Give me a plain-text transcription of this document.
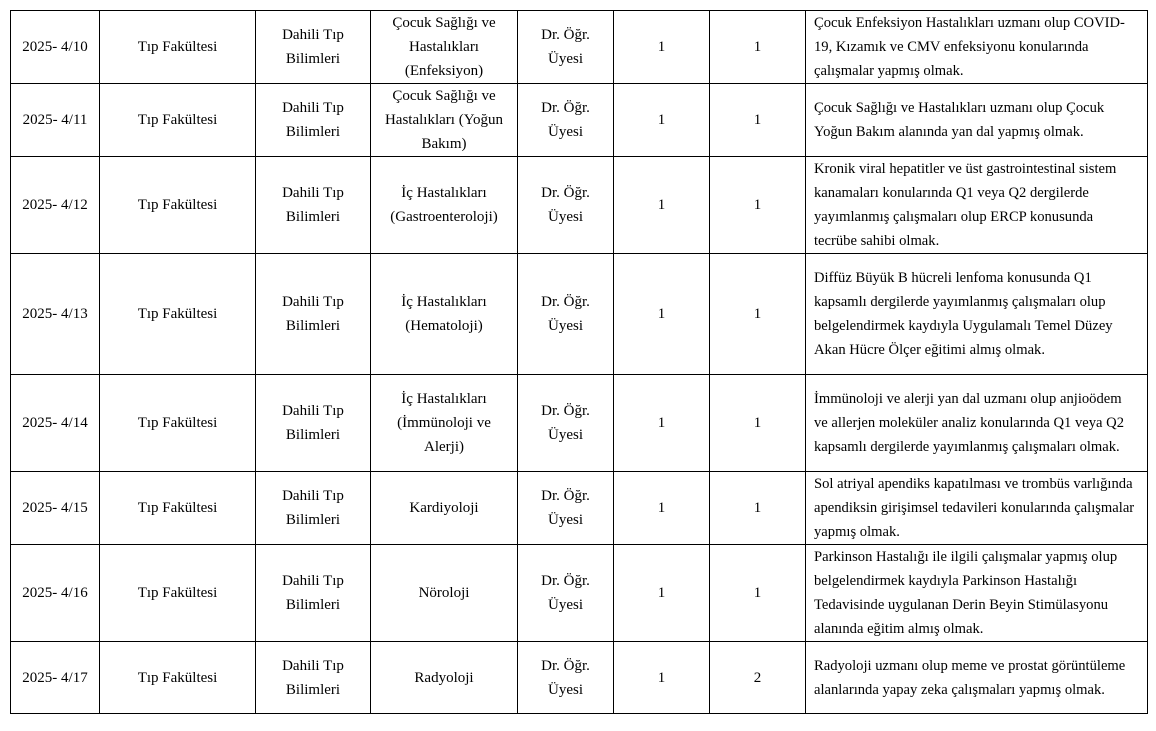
2025- 4/10	Tıp Fakültesi	Dahili Tıp Bilimleri	Çocuk Sağlığı ve Hastalıkları (Enfeksiyon)	Dr. Öğr. Üyesi	1	1	Çocuk Enfeksiyon Hastalıkları uzmanı olup COVID-19, Kızamık ve CMV enfeksiyonu konularında çalışmalar yapmış olmak.
2025- 4/11	Tıp Fakültesi	Dahili Tıp Bilimleri	Çocuk Sağlığı ve Hastalıkları (Yoğun Bakım)	Dr. Öğr. Üyesi	1	1	Çocuk Sağlığı ve Hastalıkları uzmanı olup Çocuk Yoğun Bakım alanında yan dal yapmış olmak.
2025- 4/12	Tıp Fakültesi	Dahili Tıp Bilimleri	İç Hastalıkları (Gastroenteroloji)	Dr. Öğr. Üyesi	1	1	Kronik viral hepatitler ve üst gastrointestinal sistem kanamaları konularında Q1 veya Q2 dergilerde yayımlanmış çalışmaları olup ERCP konusunda tecrübe sahibi olmak.
2025- 4/13	Tıp Fakültesi	Dahili Tıp Bilimleri	İç Hastalıkları (Hematoloji)	Dr. Öğr. Üyesi	1	1	Diffüz Büyük B hücreli lenfoma konusunda Q1 kapsamlı dergilerde yayımlanmış çalışmaları olup belgelendirmek kaydıyla Uygulamalı Temel Düzey Akan Hücre Ölçer eğitimi almış olmak.
2025- 4/14	Tıp Fakültesi	Dahili Tıp Bilimleri	İç Hastalıkları (İmmünoloji ve Alerji)	Dr. Öğr. Üyesi	1	1	İmmünoloji ve alerji yan dal uzmanı olup anjioödem ve allerjen moleküler analiz konularında Q1 veya Q2 kapsamlı dergilerde yayımlanmış çalışmaları olmak.
2025- 4/15	Tıp Fakültesi	Dahili Tıp Bilimleri	Kardiyoloji	Dr. Öğr. Üyesi	1	1	Sol atriyal apendiks kapatılması ve trombüs varlığında apendiksin girişimsel tedavileri konularında çalışmalar yapmış olmak.
2025- 4/16	Tıp Fakültesi	Dahili Tıp Bilimleri	Nöroloji	Dr. Öğr. Üyesi	1	1	Parkinson Hastalığı ile ilgili çalışmalar yapmış olup belgelendirmek kaydıyla Parkinson Hastalığı Tedavisinde uygulanan Derin Beyin Stimülasyonu alanında eğitim almış olmak.
2025- 4/17	Tıp Fakültesi	Dahili Tıp Bilimleri	Radyoloji	Dr. Öğr. Üyesi	1	2	Radyoloji uzmanı olup meme ve prostat görüntüleme alanlarında yapay zeka çalışmaları yapmış olmak.
